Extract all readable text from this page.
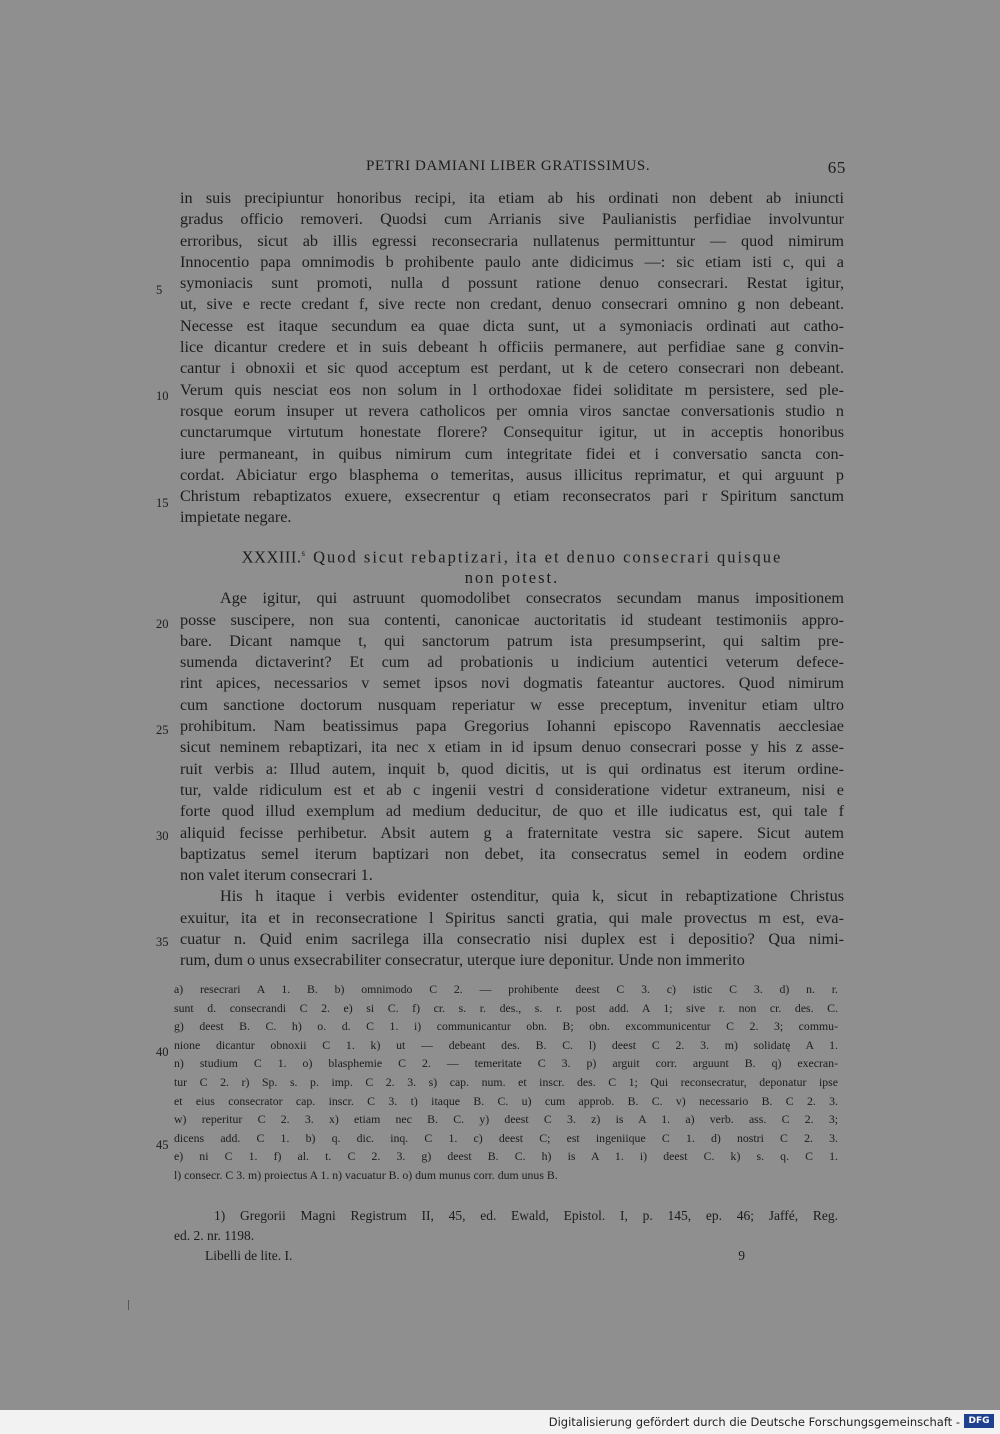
PETRI DAMIANI LIBER GRATISSIMUS.	65
in suis precipiuntur honoribus recipi, ita etiam ab his ordinati non debent ab iniuncti
gradus officio removeri. Quodsi cum Arrianis sive Paulianistis perfidiae involvuntur
erroribus, sicut ab illis egressi reconsecraria nullatenus permittuntur — quod nimirum
Innocentio papa omnimodis b prohibente paulo ante didicimus —: sic etiam isti c, qui a
symoniacis sunt promoti, nulla d possunt ratione denuo consecrari. Restat igitur,
ut, sive e recte credant f, sive recte non credant, denuo consecrari omnino g non debeant.
Necesse est itaque secundum ea quae dicta sunt, ut a symoniacis ordinati aut catho-
lice dicantur credere et in suis debeant h officiis permanere, aut perfidiae sane g convin-
cantur i obnoxii et sic quod acceptum est perdant, ut k de cetero consecrari non debeant.
Verum quis nesciat eos non solum in l orthodoxae fidei soliditate m persistere, sed ple-
rosque eorum insuper ut revera catholicos per omnia viros sanctae conversationis studio n
cunctarumque virtutum honestate florere? Consequitur igitur, ut in acceptis honoribus
iure permaneant, in quibus nimirum cum integritate fidei et i conversatio sancta con-
cordat. Abiciatur ergo blasphema o temeritas, ausus illicitus reprimatur, et qui arguunt p
Christum rebaptizatos exuere, exsecrentur q etiam reconsecratos pari r Spiritum sanctum
impietate negare.
XXXIII.$^s$ Quod sicut rebaptizari, ita et denuo consecrari quisque
non potest.
Age igitur, qui astruunt quomodolibet consecratos secundam manus impositionem
posse suscipere, non sua contenti, canonicae auctoritatis id studeant testimoniis appro-
bare. Dicant namque t, qui sanctorum patrum ista presumpserint, qui saltim pre-
sumenda dictaverint? Et cum ad probationis u indicium autentici veterum defece-
rint apices, necessarios v semet ipsos novi dogmatis fateantur auctores. Quod nimirum
cum sanctione doctorum nusquam reperiatur w esse preceptum, invenitur etiam ultro
prohibitum. Nam beatissimus papa Gregorius Iohanni episcopo Ravennatis aecclesiae
sicut neminem rebaptizari, ita nec x etiam in id ipsum denuo consecrari posse y his z asse-
ruit verbis a: Illud autem, inquit b, quod dicitis, ut is qui ordinatus est iterum ordine-
tur, valde ridiculum est et ab c ingenii vestri d consideratione videtur extraneum, nisi e
forte quod illud exemplum ad medium deducitur, de quo et ille iudicatus est, qui tale f
aliquid fecisse perhibetur. Absit autem g a fraternitate vestra sic sapere. Sicut autem
baptizatus semel iterum baptizari non debet, ita consecratus semel in eodem ordine
non valet iterum consecrari 1.
His h itaque i verbis evidenter ostenditur, quia k, sicut in rebaptizatione Christus
exuitur, ita et in reconsecratione l Spiritus sancti gratia, qui male provectus m est, eva-
cuatur n. Quid enim sacrilega illa consecratio nisi duplex est i depositio? Qua nimi-
rum, dum o unus exsecrabiliter consecratur, uterque iure deponitur. Unde non immerito
5
10
15
20
25
30
35
40
45
a) resecrari A 1. B. b) omnimodo C 2. — prohibente deest C 3. c) istic C 3. d) n. r.
sunt d. consecrandi C 2. e) si C. f) cr. s. r. des., s. r. post add. A 1; sive r. non cr. des. C.
g) deest B. C. h) o. d. C 1. i) communicantur obn. B; obn. excommunicentur C 2. 3; commu-
nione dicantur obnoxii C 1. k) ut — debeant des. B. C. l) deest C 2. 3. m) solidatę A 1.
n) studium C 1. o) blasphemie C 2. — temeritate C 3. p) arguit corr. arguunt B. q) execran-
tur C 2. r) Sp. s. p. imp. C 2. 3. s) cap. num. et inscr. des. C 1; Qui reconsecratur, deponatur ipse
et eius consecrator cap. inscr. C 3. t) itaque B. C. u) cum approb. B. C. v) necessario B. C 2. 3.
w) reperitur C 2. 3. x) etiam nec B. C. y) deest C 3. z) is A 1. a) verb. ass. C 2. 3;
dicens add. C 1. b) q. dic. inq. C 1. c) deest C; est ingeniique C 1. d) nostri C 2. 3.
e) ni C 1. f) al. t. C 2. 3. g) deest B. C. h) is A 1. i) deest C. k) s. q. C 1.
l) consecr. C 3. m) proiectus A 1. n) vacuatur B. o) dum munus corr. dum unus B.
1) Gregorii Magni Registrum II, 45, ed. Ewald, Epistol. I, p. 145, ep. 46; Jaffé, Reg.
ed. 2. nr. 1198.
Libelli de lite. I.	9
Digitalisierung gefördert durch die Deutsche Forschungsgemeinschaft - DFG
